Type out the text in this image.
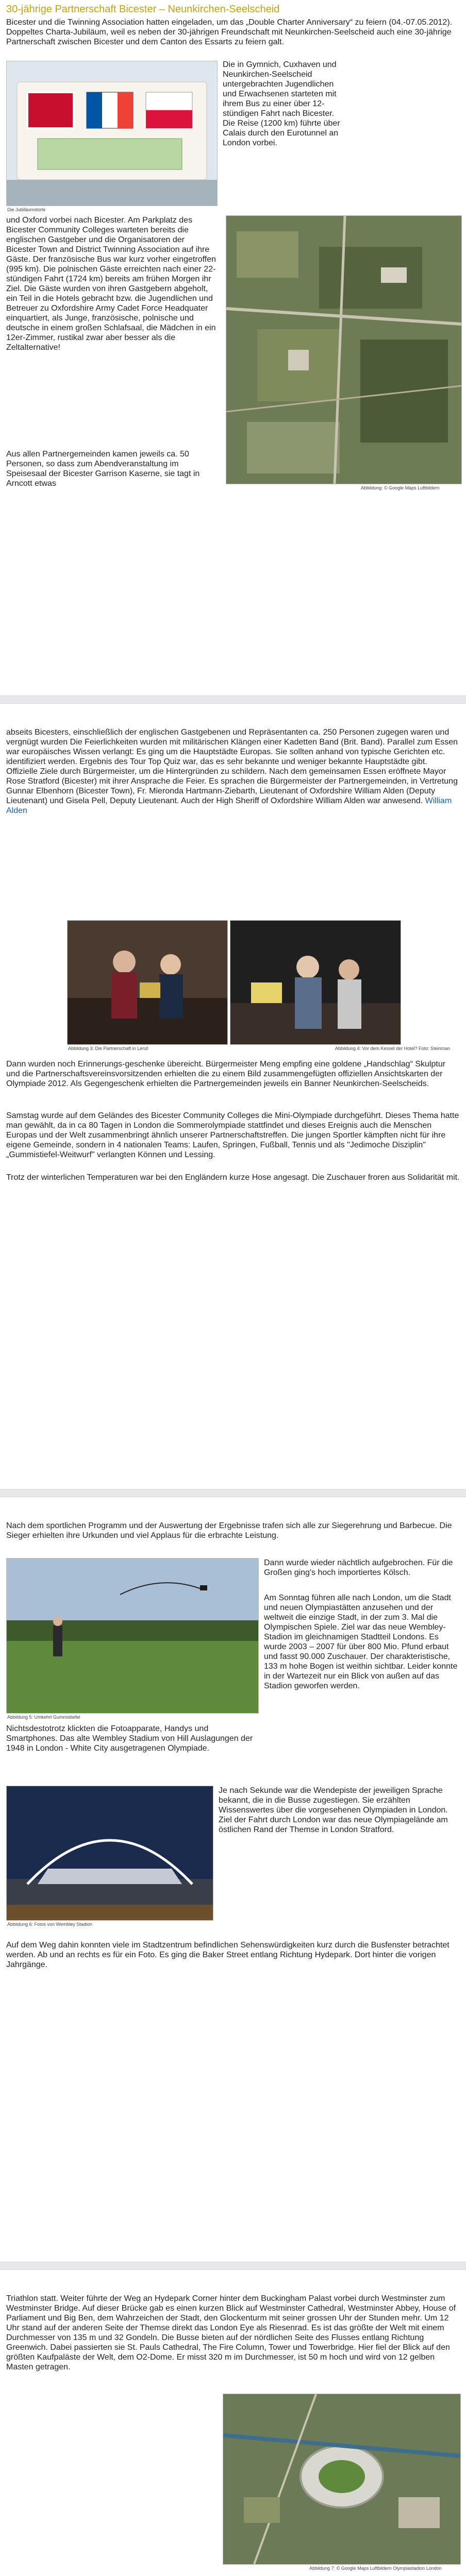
30-jährige Partnerschaft Bicester – Neunkirchen-Seelscheid
Bicester und die Twinning Association hatten eingeladen, um das „Double Charter Anniversary“ zu feiern (04.-07.05.2012). Doppeltes Charta-Jubiläum, weil es neben der 30-jährigen Freundschaft mit Neunkirchen-Seelscheid auch eine 30-jährige Partnerschaft zwischen Bicester und dem Canton des Essarts zu feiern galt.
Die Jubiläumstorte
Die in Gymnich, Cuxhaven und Neunkirchen-Seelscheid untergebrachten Jugendlichen und Erwachsenen starteten mit ihrem Bus zu einer über 12-stündigen Fahrt nach Bicester. Die Reise (1200 km) führte über Calais durch den Eurotunnel an London vorbei.
und Oxford vorbei nach Bicester. Am Parkplatz des Bicester Community Colleges warteten bereits die englischen Gastgeber und die Organisatoren der Bicester Town and District Twinning Association auf ihre Gäste. Der französische Bus war kurz vorher eingetroffen (995 km). Die polnischen Gäste erreichten nach einer 22-stündigen Fahrt (1724 km) bereits am frühen Morgen ihr Ziel. Die Gäste wurden von ihren Gastgebern abgeholt, ein Teil in die Hotels gebracht bzw. die Jugendlichen und Betreuer zu Oxfordshire Army Cadet Force Headquater einquartiert, als Junge, französische, polnische und deutsche in einem großen Schlafsaal, die Mädchen in ein 12er-Zimmer, rustikal zwar aber besser als die Zeltalternative!
Aus allen Partnergemeinden kamen jeweils ca. 50 Personen, so dass zum Abendveranstaltung im Speisesaal der Bicester Garrison Kaserne, sie tagt in Arncott etwas	Abbildung: © Google Maps Luftbildern
abseits Bicesters, einschließlich der englischen Gastgebenen und Repräsentanten ca. 250 Personen zugegen waren und vergnügt wurden Die Feierlichkeiten wurden mit militärischen Klängen einer Kadetten Band (Brit. Band). Parallel zum Essen war europäisches Wissen verlangt: Es ging um die Hauptstädte Europas. Sie sollten anhand von typische Gerichten etc. identifiziert werden. Ergebnis des Tour Top Quiz war, das es sehr bekannte und weniger bekannte Hauptstädte gibt. Offizielle Ziele durch Bürgermeister, um die Hintergründen zu schildern. Nach dem gemeinsamen Essen eröffnete Mayor Rose Stratford (Bicester) mit ihrer Ansprache die Feier. Es sprachen die Bürgermeister der Partnergemeinden, in Vertretung Gunnar Elbenhorn (Bicester Town), Fr. Mieronda Hartmann-Ziebarth, Lieutenant of Oxfordshire William Alden (Deputy Lieutenant) und Gisela Pell, Deputy Lieutenant. Auch der High Sheriff of Oxfordshire William Alden war anwesend. William Alden
Abbildung 3: Die Partnerschaft in Lenzl	Abbildung 4: Vor dem Kessel der Hotel? Foto: Steinman
Dann wurden noch Erinnerungs-geschenke übereicht. Bürgermeister Meng empfing eine goldene „Handschlag“ Skulptur und die Partnerschaftsvereinsvorsitzenden erhielten die zu einem Bild zusammengefügten offiziellen Ansichtskarten der Olympiade 2012. Als Gegengeschenk erhielten die Partnergemeinden jeweils ein Banner Neunkirchen-Seelscheids.
Samstag wurde auf dem Geländes des Bicester Community Colleges die Mini-Olympiade durchgeführt. Dieses Thema hatte man gewählt, da in ca 80 Tagen in London die Sommerolympiade stattfindet und dieses Ereignis auch die Menschen Europas und der Welt zusammenbringt ähnlich unserer Partnerschaftstreffen. Die jungen Sportler kämpften nicht für ihre eigene Gemeinde, sondern in 4 nationalen Teams: Laufen, Springen, Fußball, Tennis und als "Jedimoche Disziplin" „Gummistiefel-Weitwurf" verlangten Können und Lessing.
Trotz der winterlichen Temperaturen war bei den Engländern kurze Hose angesagt. Die Zuschauer froren aus Solidarität mit.
Nach dem sportlichen Programm und der Auswertung der Ergebnisse trafen sich alle zur Siegerehrung und Barbecue. Die Sieger erhielten ihre Urkunden und viel Applaus für die erbrachte Leistung.
Abbildung 5: Umkehrt Gummistiefel
Dann wurde wieder nächtlich aufgebrochen. Für die Großen ging's hoch importiertes Kölsch.
Am Sonntag führen alle nach London, um die Stadt und neuen Olympiastätten anzusehen und der weltweit die einzige Stadt, in der zum 3. Mal die Olympischen Spiele. Ziel war das neue Wembley-Stadion im gleichnamigen Stadtteil Londons. Es wurde 2003 – 2007 für über 800 Mio. Pfund erbaut und fasst 90.000 Zuschauer. Der charakteristische, 133 m hohe Bogen ist weithin sichtbar. Leider konnte in der Wartezeit nur ein Blick von außen auf das Stadion geworfen werden.
Nichtsdestotrotz klickten die Fotoapparate, Handys und Smartphones. Das alte Wembley Stadium von Hill Auslagungen der 1948 in London - White City ausgetragenen Olympiade.
Abbildung 6: Fotos von Wembley Stadion
Je nach Sekunde war die Wendepiste der jeweiligen Sprache bekannt, die in die Busse zugestiegen. Sie erzählten Wissenswertes über die vorgesehenen Olympiaden in London. Ziel der Fahrt durch London war das neue Olympiagelände am östlichen Rand der Themse in London Stratford.
Auf dem Weg dahin konnten viele im Stadtzentrum befindlichen Sehenswürdigkeiten kurz durch die Busfenster betrachtet werden. Ab und an rechts es für ein Foto. Es ging die Baker Street entlang Richtung Hydepark. Dort hinter die vorigen Jahrgänge.
Triathlon statt. Weiter führte der Weg an Hydepark Corner hinter dem Buckingham Palast vorbei durch Westminster zum Westminster Bridge. Auf dieser Brücke gab es einen kurzen Blick auf Westminster Cathedral, Westminster Abbey, House of Parliament und Big Ben, dem Wahrzeichen der Stadt, den Glockenturm mit seiner grossen Uhr der Stunden mehr. Um 12 Uhr stand auf der anderen Seite der Themse direkt das London Eye als Riesenrad. Es ist das größte der Welt mit einem Durchmesser von 135 m und 32 Gondeln. Die Busse bieten auf der nördlichen Seite des Flusses entlang Richtung Greenwich. Dabei passierten sie St. Pauls Cathedral, The Fire Column, Tower und Towerbridge. Hier fiel der Blick auf den größten Kaufpaläste der Welt, dem O2-Dome. Er misst 320 m im Durchmesser, ist 50 m hoch und wird von 12 gelben Masten getragen.
Abbildung 7: © Google Maps Luftbildern Olympiastadion London
